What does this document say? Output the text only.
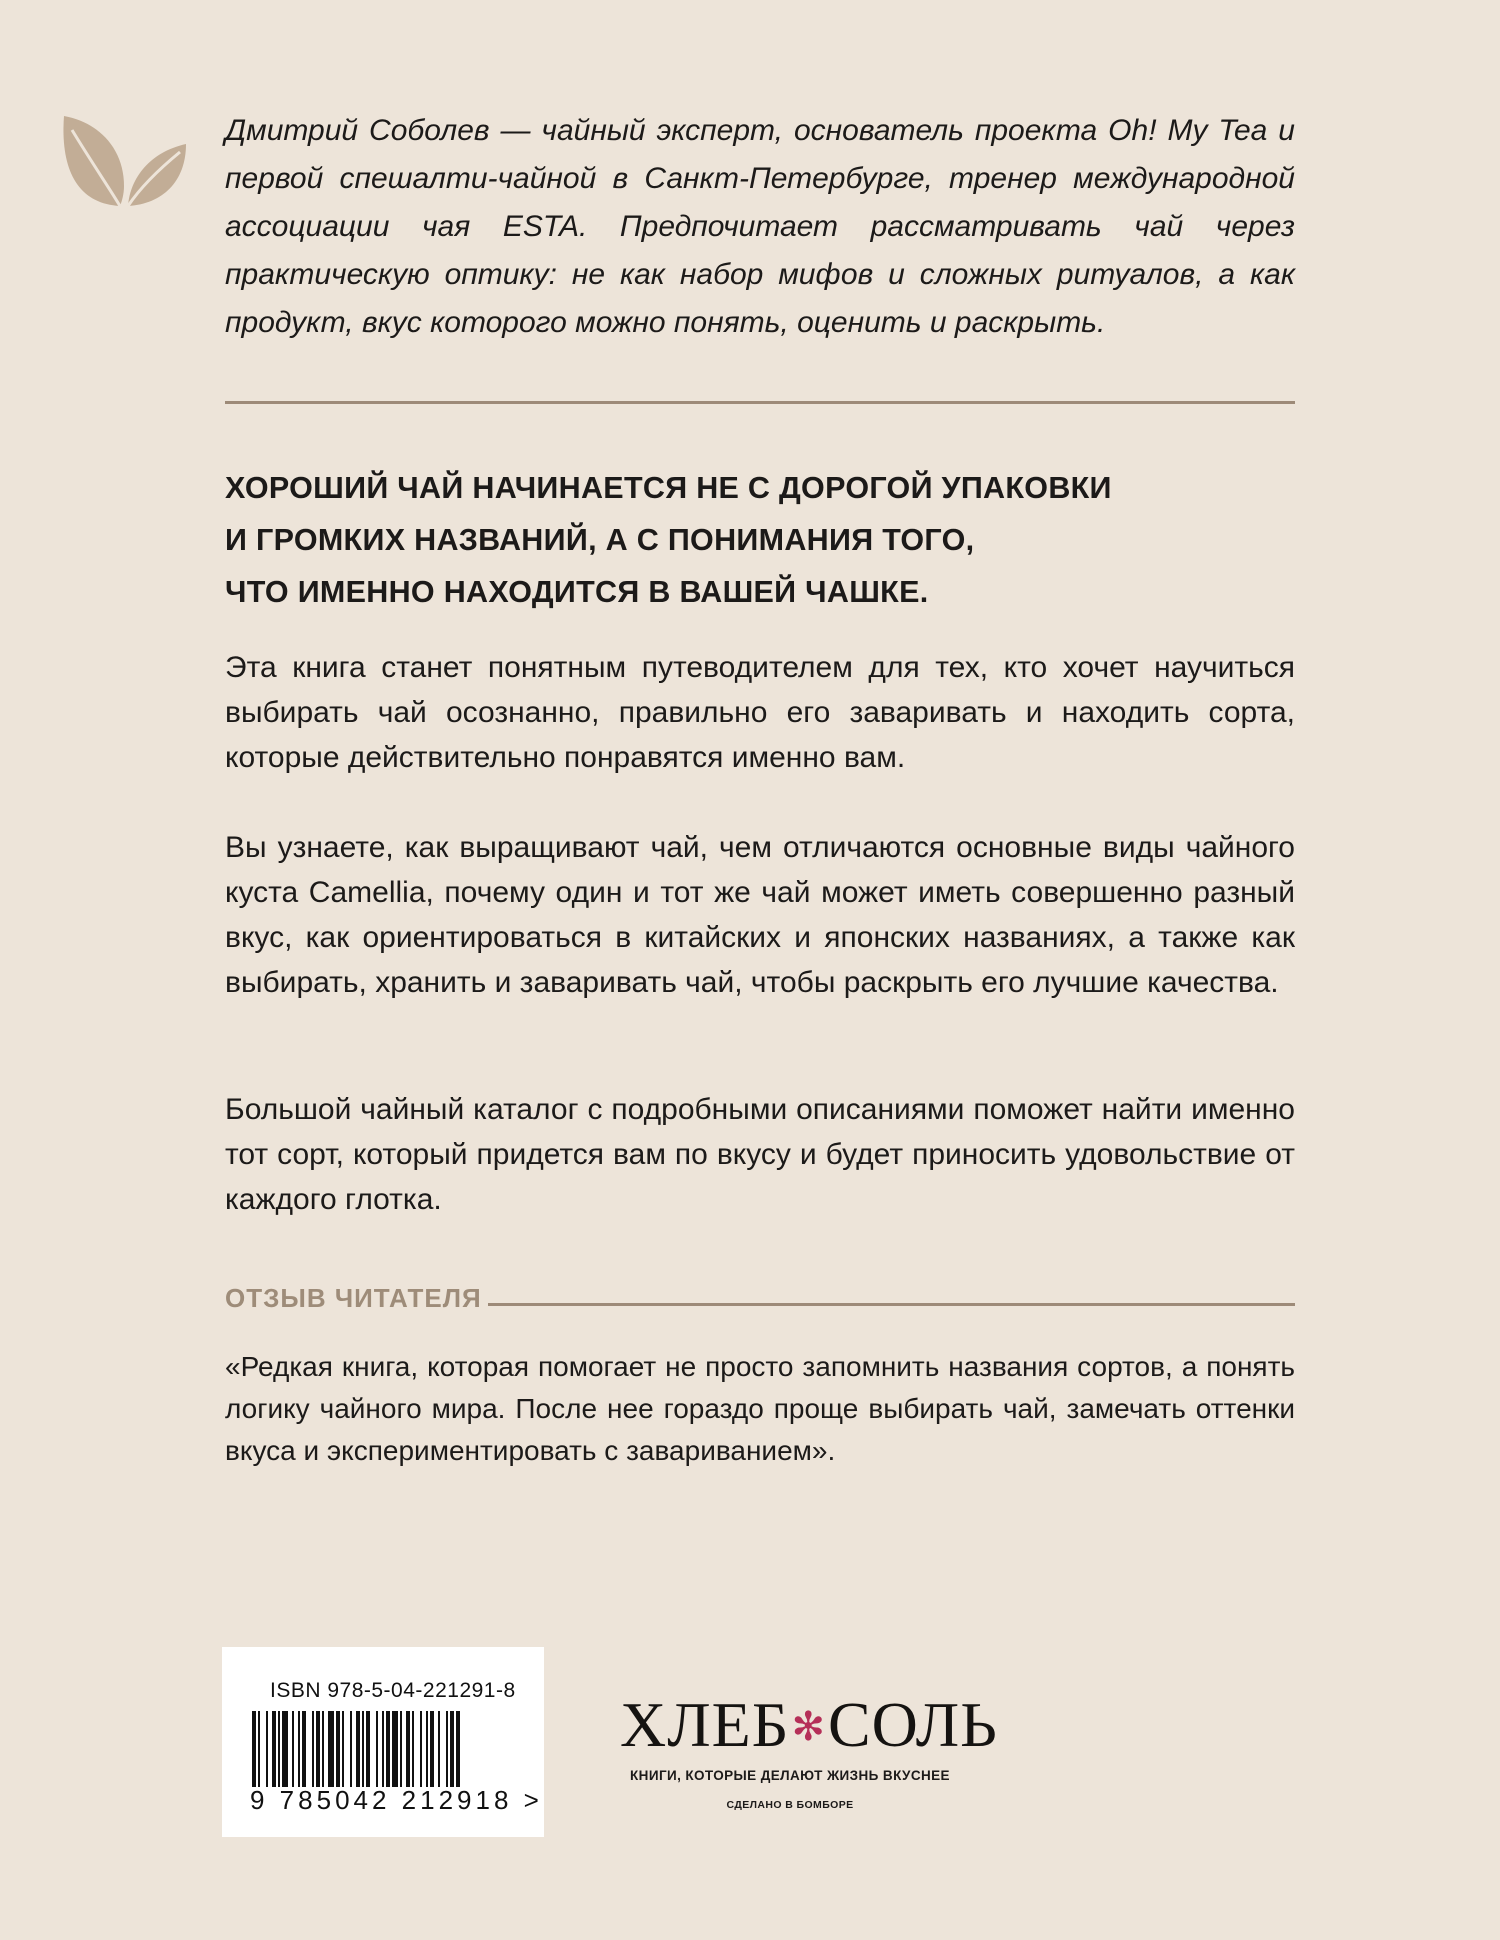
Дмитрий Соболев — чайный эксперт, основатель проекта Oh! My Tea и первой спешалти-чайной в Санкт-Петербурге, тренер международной ассоциации чая ESTA. Предпочитает рассматривать чай через практическую оптику: не как набор мифов и сложных ритуалов, а как продукт, вкус которого можно понять, оценить и раскрыть.

ХОРОШИЙ ЧАЙ НАЧИНАЕТСЯ НЕ С ДОРОГОЙ УПАКОВКИ
И ГРОМКИХ НАЗВАНИЙ, А С ПОНИМАНИЯ ТОГО,
ЧТО ИМЕННО НАХОДИТСЯ В ВАШЕЙ ЧАШКЕ.

Эта книга станет понятным путеводителем для тех, кто хочет научиться выбирать чай осознанно, правильно его заваривать и находить сорта, которые действительно понравятся именно вам.

Вы узнаете, как выращивают чай, чем отличаются основные виды чайного куста Camellia, почему один и тот же чай может иметь совершенно разный вкус, как ориентироваться в китайских и японских названиях, а также как выбирать, хранить и заваривать чай, чтобы раскрыть его лучшие качества.

Большой чайный каталог с подробными описаниями поможет найти именно тот сорт, который придется вам по вкусу и будет приносить удовольствие от каждого глотка.

ОТЗЫВ ЧИТАТЕЛЯ

«Редкая книга, которая помогает не просто запомнить названия сортов, а понять логику чайного мира. После нее гораздо проще выбирать чай, замечать оттенки вкуса и экспериментировать с завариванием».

ISBN 978-5-04-221291-8
9 785042 212918 >
ХЛЕБ✻СОЛЬ
КНИГИ, КОТОРЫЕ ДЕЛАЮТ ЖИЗНЬ ВКУСНЕЕ
СДЕЛАНО В БОМБОРЕ
